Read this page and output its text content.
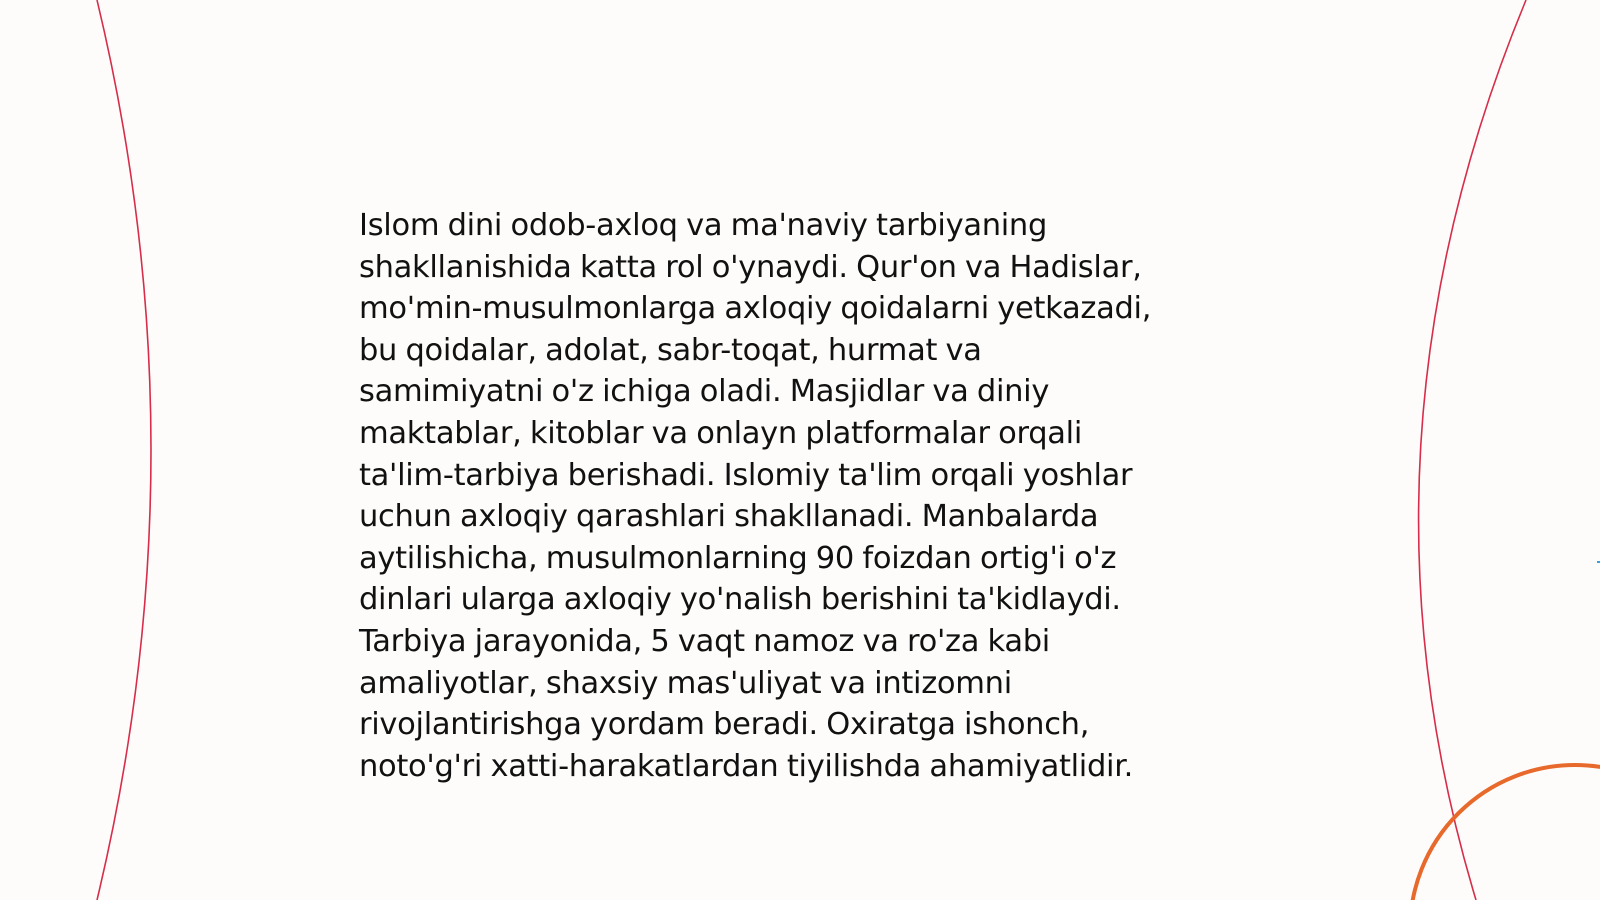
Islom dini odob-axloq va ma'naviy tarbiyaning
shakllanishida katta rol o'ynaydi. Qur'on va Hadislar,
mo'min-musulmonlarga axloqiy qoidalarni yetkazadi,
bu qoidalar, adolat, sabr-toqat, hurmat va
samimiyatni o'z ichiga oladi. Masjidlar va diniy
maktablar, kitoblar va onlayn platformalar orqali
ta'lim-tarbiya berishadi. Islomiy ta'lim orqali yoshlar
uchun axloqiy qarashlari shakllanadi. Manbalarda
aytilishicha, musulmonlarning 90 foizdan ortig'i o'z
dinlari ularga axloqiy yo'nalish berishini ta'kidlaydi.
Tarbiya jarayonida, 5 vaqt namoz va ro'za kabi
amaliyotlar, shaxsiy mas'uliyat va intizomni
rivojlantirishga yordam beradi. Oxiratga ishonch,
noto'g'ri xatti-harakatlardan tiyilishda ahamiyatlidir.
